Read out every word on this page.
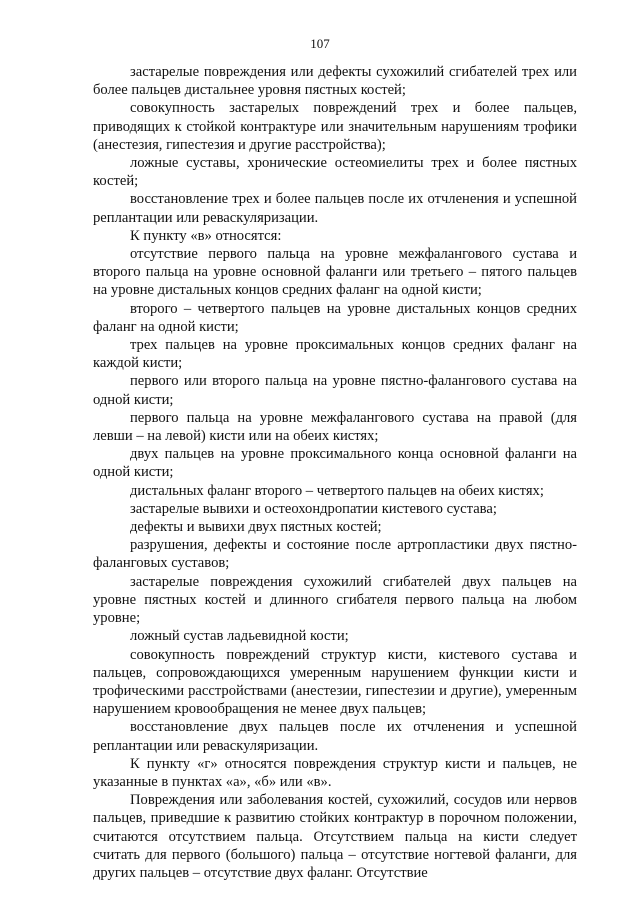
107

застарелые повреждения или дефекты сухожилий сгибателей трех или более пальцев дистальнее уровня пястных костей;

совокупность застарелых повреждений трех и более пальцев, приводящих к стойкой контрактуре или значительным нарушениям трофики (анестезия, гипестезия и другие расстройства);

ложные суставы, хронические остеомиелиты трех и более пястных костей;

восстановление трех и более пальцев после их отчленения и успешной реплантации или реваскуляризации.

К пункту «в» относятся:

отсутствие первого пальца на уровне межфалангового сустава и второго пальца на уровне основной фаланги или третьего – пятого пальцев на уровне дистальных концов средних фаланг на одной кисти;

второго – четвертого пальцев на уровне дистальных концов средних фаланг на одной кисти;

трех пальцев на уровне проксимальных концов средних фаланг на каждой кисти;

первого или второго пальца на уровне пястно-фалангового сустава на одной кисти;

первого пальца на уровне межфалангового сустава на правой (для левши – на левой) кисти или на обеих кистях;

двух пальцев на уровне проксимального конца основной фаланги на одной кисти;

дистальных фаланг второго – четвертого пальцев на обеих кистях;

застарелые вывихи и остеохондропатии кистевого сустава;

дефекты и вывихи двух пястных костей;

разрушения, дефекты и состояние после артропластики двух пястно-фаланговых суставов;

застарелые повреждения сухожилий сгибателей двух пальцев на уровне пястных костей и длинного сгибателя первого пальца на любом уровне;

ложный сустав ладьевидной кости;

совокупность повреждений структур кисти, кистевого сустава и пальцев, сопровождающихся умеренным нарушением функции кисти и трофическими расстройствами (анестезии, гипестезии и другие), умеренным нарушением кровообращения не менее двух пальцев;

восстановление двух пальцев после их отчленения и успешной реплантации или реваскуляризации.

К пункту «г» относятся повреждения структур кисти и пальцев, не указанные в пунктах «а», «б» или «в».

Повреждения или заболевания костей, сухожилий, сосудов или нервов пальцев, приведшие к развитию стойких контрактур в порочном положении, считаются отсутствием пальца. Отсутствием пальца на кисти следует считать для первого (большого) пальца – отсутствие ногтевой фаланги, для других пальцев – отсутствие двух фаланг. Отсутствие
